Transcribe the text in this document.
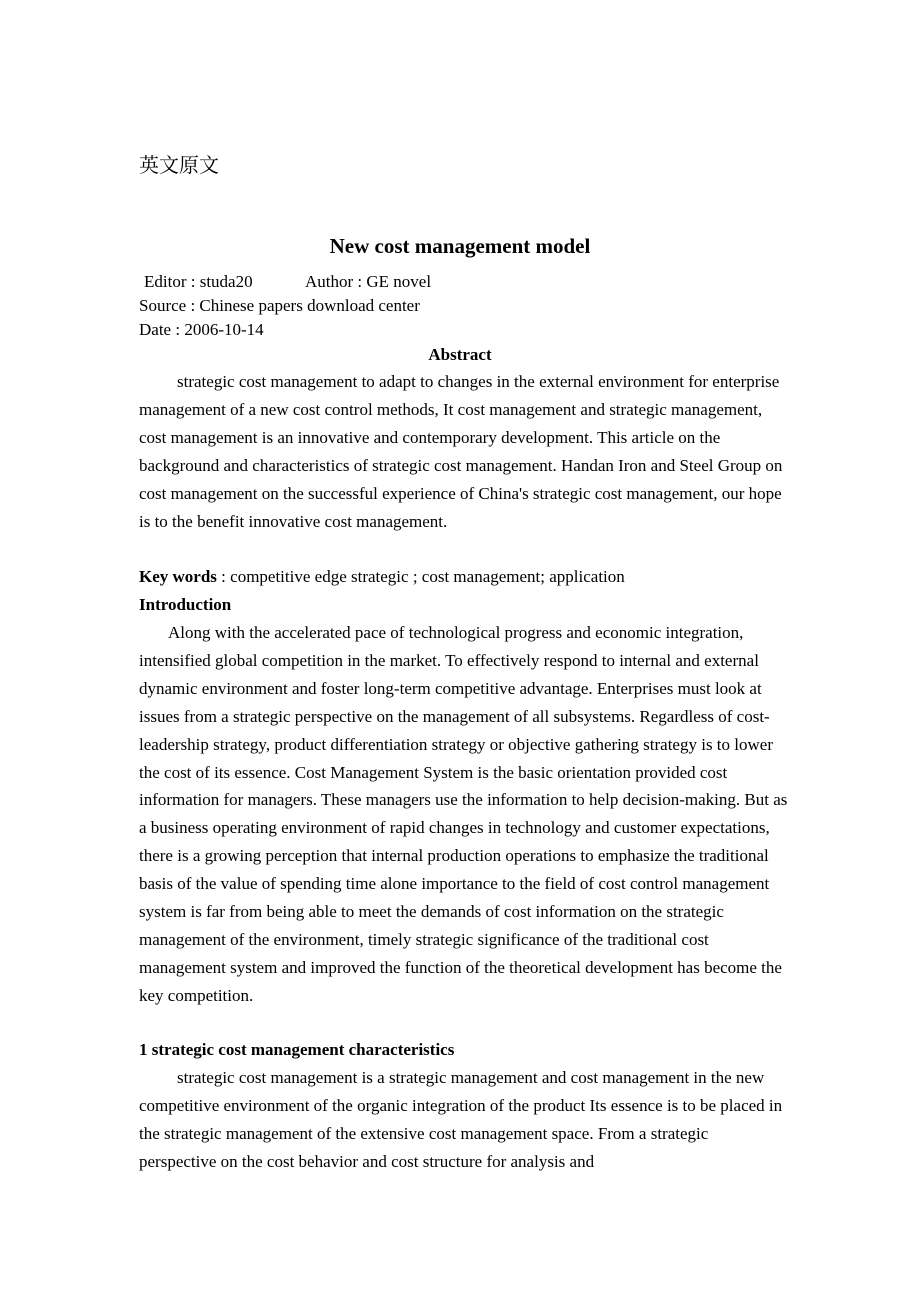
英文原文
New cost management model
Editor : studa20	Author : GE novel
Source : Chinese papers download center
Date : 2006-10-14
Abstract
strategic cost management to adapt to changes in the external environment for enterprise management of a new cost control methods, It cost management and strategic management, cost management is an innovative and contemporary development. This article on the background and characteristics of strategic cost management. Handan Iron and Steel Group on cost management on the successful experience of China's strategic cost management, our hope is to the benefit innovative cost management.
Key words : competitive edge strategic ; cost management; application
Introduction
Along with the accelerated pace of technological progress and economic integration, intensified global competition in the market. To effectively respond to internal and external dynamic environment and foster long-term competitive advantage. Enterprises must look at issues from a strategic perspective on the management of all subsystems. Regardless of cost-leadership strategy, product differentiation strategy or objective gathering strategy is to lower the cost of its essence. Cost Management System is the basic orientation provided cost information for managers. These managers use the information to help decision-making. But as a business operating environment of rapid changes in technology and customer expectations, there is a growing perception that internal production operations to emphasize the traditional basis of the value of spending time alone importance to the field of cost control management system is far from being able to meet the demands of cost information on the strategic management of the environment, timely strategic significance of the traditional cost management system and improved the function of the theoretical development has become the key competition.
1 strategic cost management characteristics
strategic cost management is a strategic management and cost management in the new competitive environment of the organic integration of the product Its essence is to be placed in the strategic management of the extensive cost management space. From a strategic perspective on the cost behavior and cost structure for analysis and
